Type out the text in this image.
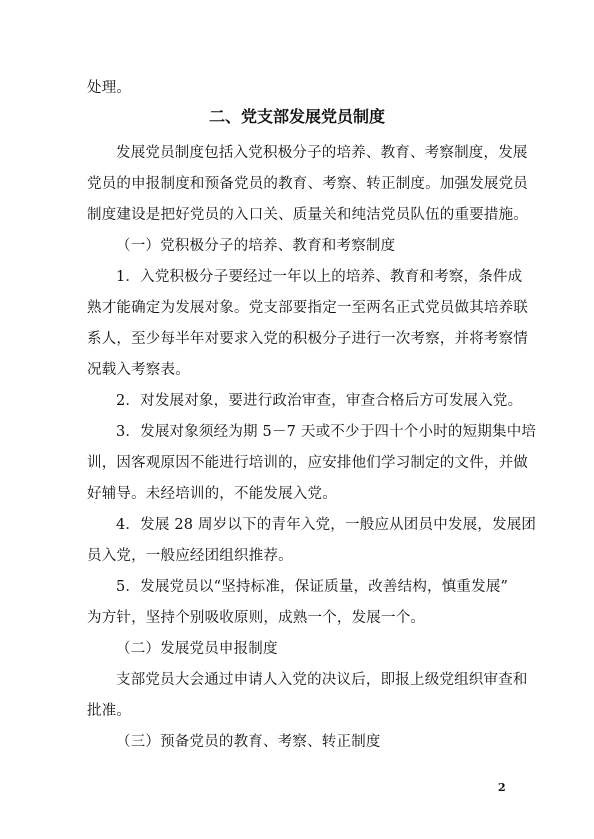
处理。
二、党支部发展党员制度
发展党员制度包括入党积极分子的培养、教育、考察制度，发展
党员的申报制度和预备党员的教育、考察、转正制度。加强发展党员
制度建设是把好党员的入口关、质量关和纯洁党员队伍的重要措施。
（一）党积极分子的培养、教育和考察制度
1．入党积极分子要经过一年以上的培养、教育和考察，条件成
熟才能确定为发展对象。党支部要指定一至两名正式党员做其培养联
系人，至少每半年对要求入党的积极分子进行一次考察，并将考察情
况载入考察表。
2．对发展对象，要进行政治审查，审查合格后方可发展入党。
3．发展对象须经为期 5－7 天或不少于四十个小时的短期集中培
训，因客观原因不能进行培训的，应安排他们学习制定的文件，并做
好辅导。未经培训的，不能发展入党。
4．发展 28 周岁以下的青年入党，一般应从团员中发展，发展团
员入党，一般应经团组织推荐。
5．发展党员以“坚持标准，保证质量，改善结构，慎重发展”
为方针，坚持个别吸收原则，成熟一个，发展一个。
（二）发展党员申报制度
支部党员大会通过申请人入党的决议后，即报上级党组织审查和
批准。
（三）预备党员的教育、考察、转正制度
2
